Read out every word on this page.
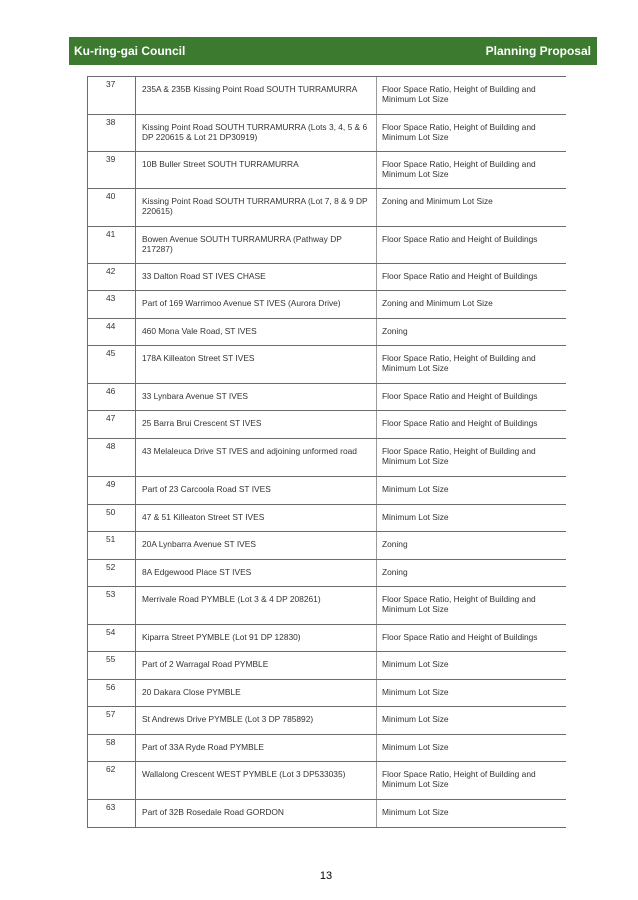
Ku-ring-gai Council	Planning Proposal
37	235A & 235B Kissing Point Road SOUTH TURRAMURRA	Floor Space Ratio, Height of Building and Minimum Lot Size
38	Kissing Point Road SOUTH TURRAMURRA (Lots 3, 4, 5 & 6 DP 220615 & Lot 21 DP30919)	Floor Space Ratio, Height of Building and Minimum Lot Size
39	10B Buller Street SOUTH TURRAMURRA	Floor Space Ratio, Height of Building and Minimum Lot Size
40	Kissing Point Road SOUTH TURRAMURRA (Lot 7, 8 & 9 DP 220615)	Zoning and Minimum Lot Size
41	Bowen Avenue SOUTH TURRAMURRA (Pathway DP 217287)	Floor Space Ratio and Height of Buildings
42	33 Dalton Road ST IVES CHASE	Floor Space Ratio and Height of Buildings
43	Part of 169 Warrimoo Avenue ST IVES (Aurora Drive)	Zoning and Minimum Lot Size
44	460 Mona Vale Road, ST IVES	Zoning
45	178A Killeaton Street ST IVES	Floor Space Ratio, Height of Building and Minimum Lot Size
46	33 Lynbara Avenue ST IVES	Floor Space Ratio and Height of Buildings
47	25 Barra Brui Crescent ST IVES	Floor Space Ratio and Height of Buildings
48	43 Melaleuca Drive ST IVES and adjoining unformed road	Floor Space Ratio, Height of Building and Minimum Lot Size
49	Part of 23 Carcoola Road ST IVES	Minimum Lot Size
50	47 & 51 Killeaton Street ST IVES	Minimum Lot Size
51	20A Lynbarra Avenue ST IVES	Zoning
52	8A Edgewood Place ST IVES	Zoning
53	Merrivale Road PYMBLE (Lot 3 & 4 DP 208261)	Floor Space Ratio, Height of Building and Minimum Lot Size
54	Kiparra Street PYMBLE (Lot 91 DP 12830)	Floor Space Ratio and Height of Buildings
55	Part of 2 Warragal Road PYMBLE	Minimum Lot Size
56	20 Dakara Close PYMBLE	Minimum Lot Size
57	St Andrews Drive PYMBLE (Lot 3 DP 785892)	Minimum Lot Size
58	Part of 33A Ryde Road PYMBLE	Minimum Lot Size
62	Wallalong Crescent WEST PYMBLE (Lot 3 DP533035)	Floor Space Ratio, Height of Building and Minimum Lot Size
63	Part of 32B Rosedale Road GORDON	Minimum Lot Size
13
